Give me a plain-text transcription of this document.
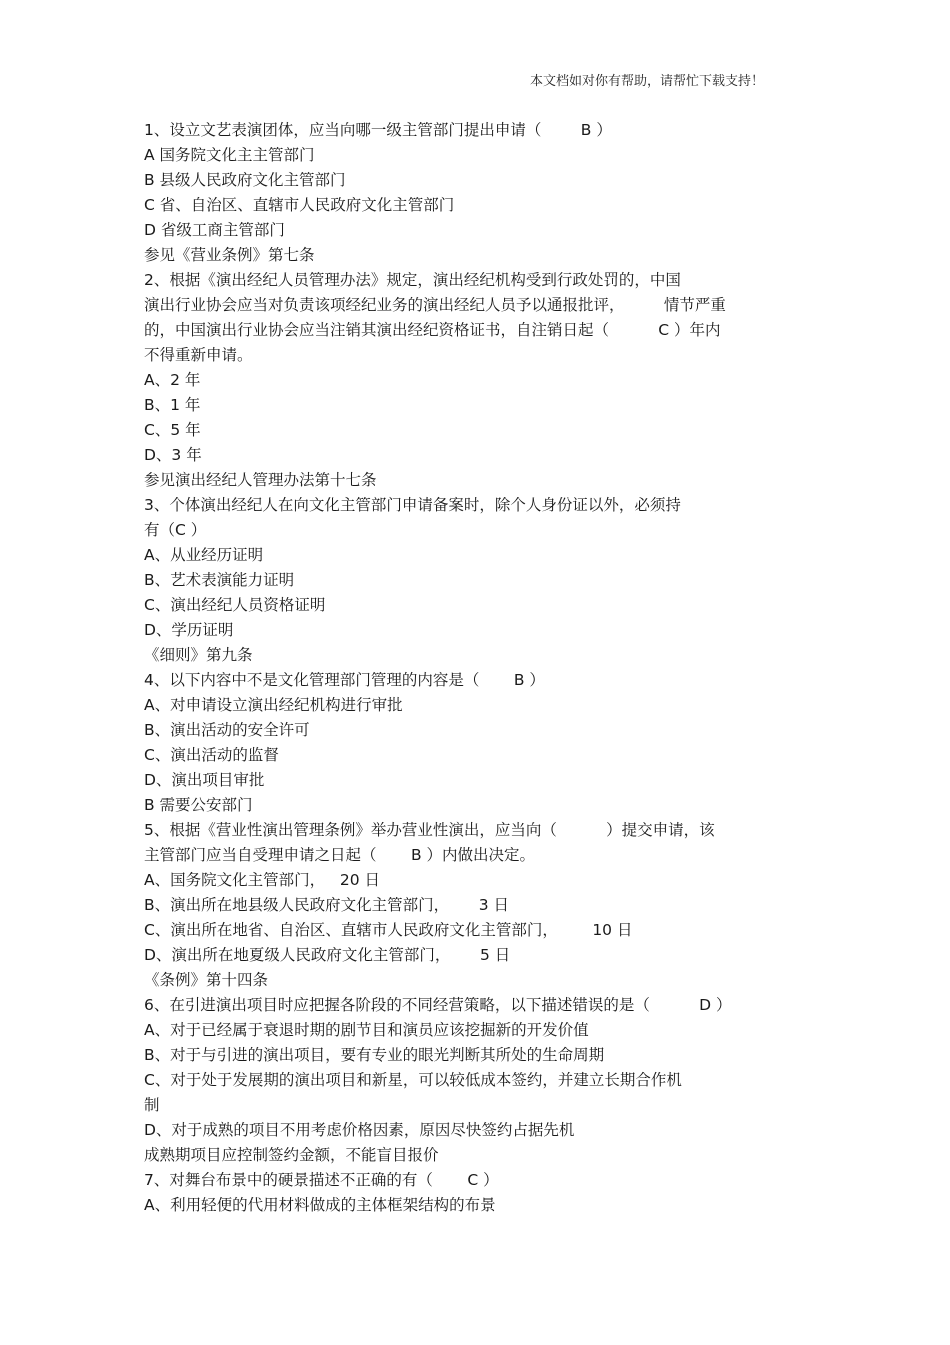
本文档如对你有帮助，请帮忙下载支持！
1、设立文艺表演团体，应当向哪一级主管部门提出申请（        B ）
A 国务院文化主主管部门
B 县级人民政府文化主管部门
C 省、自治区、直辖市人民政府文化主管部门
D 省级工商主管部门
参见《营业条例》第七条
2、根据《演出经纪人员管理办法》规定，演出经纪机构受到行政处罚的，中国
演出行业协会应当对负责该项经纪业务的演出经纪人员予以通报批评，        情节严重
的，中国演出行业协会应当注销其演出经纪资格证书，自注销日起（          C ）年内
不得重新申请。
A、2 年
B、1 年
C、5 年
D、3 年
参见演出经纪人管理办法第十七条
3、个体演出经纪人在向文化主管部门申请备案时，除个人身份证以外，必须持
有（C ）
A、从业经历证明
B、艺术表演能力证明
C、演出经纪人员资格证明
D、学历证明
《细则》第九条
4、以下内容中不是文化管理部门管理的内容是（       B ）
A、对申请设立演出经纪机构进行审批
B、演出活动的安全许可
C、演出活动的监督
D、演出项目审批
B 需要公安部门
5、根据《营业性演出管理条例》举办营业性演出，应当向（          ）提交申请，该
主管部门应当自受理申请之日起（       B ）内做出决定。
A、国务院文化主管部门，   20 日
B、演出所在地县级人民政府文化主管部门，      3 日
C、演出所在地省、自治区、直辖市人民政府文化主管部门，       10 日
D、演出所在地夏级人民政府文化主管部门，      5 日
《条例》第十四条
6、在引进演出项目时应把握各阶段的不同经营策略，以下描述错误的是（          D ）
A、对于已经属于衰退时期的剧节目和演员应该挖掘新的开发价值
B、对于与引进的演出项目，要有专业的眼光判断其所处的生命周期
C、对于处于发展期的演出项目和新星，可以较低成本签约，并建立长期合作机
制
D、对于成熟的项目不用考虑价格因素，原因尽快签约占据先机
成熟期项目应控制签约金额，不能盲目报价
7、对舞台布景中的硬景描述不正确的有（       C ）
A、利用轻便的代用材料做成的主体框架结构的布景
